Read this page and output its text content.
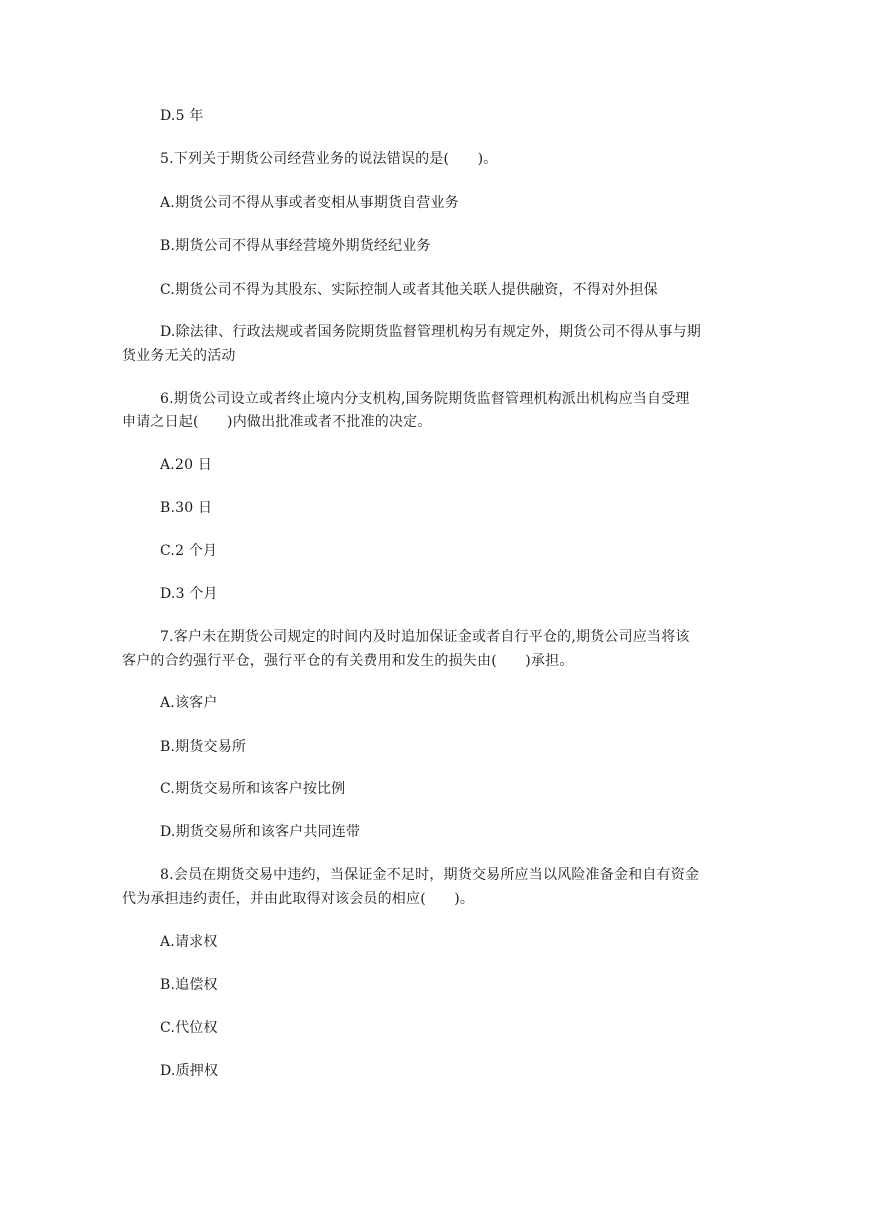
D.5 年
5.下列关于期货公司经营业务的说法错误的是(　　)。
A.期货公司不得从事或者变相从事期货自营业务
B.期货公司不得从事经营境外期货经纪业务
C.期货公司不得为其股东、实际控制人或者其他关联人提供融资，不得对外担保
D.除法律、行政法规或者国务院期货监督管理机构另有规定外，期货公司不得从事与期
货业务无关的活动
6.期货公司设立或者终止境内分支机构,国务院期货监督管理机构派出机构应当自受理
申请之日起(　　)内做出批准或者不批准的决定。
A.20 日
B.30 日
C.2 个月
D.3 个月
7.客户未在期货公司规定的时间内及时追加保证金或者自行平仓的,期货公司应当将该
客户的合约强行平仓，强行平仓的有关费用和发生的损失由(　　)承担。
A.该客户
B.期货交易所
C.期货交易所和该客户按比例
D.期货交易所和该客户共同连带
8.会员在期货交易中违约，当保证金不足时，期货交易所应当以风险准备金和自有资金
代为承担违约责任，并由此取得对该会员的相应(　　)。
A.请求权
B.追偿权
C.代位权
D.质押权
